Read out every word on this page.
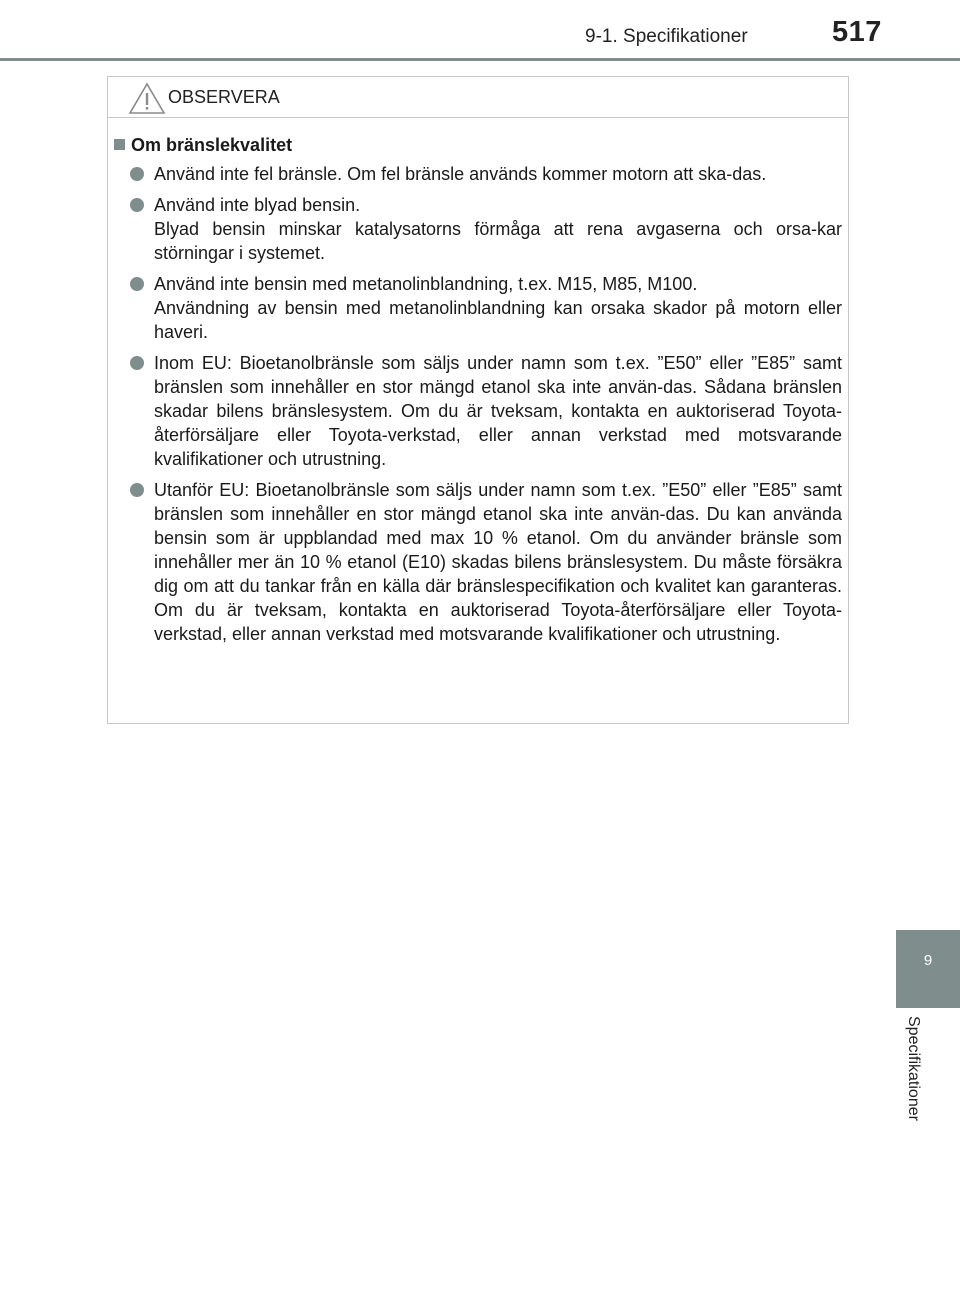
9-1. Specifikationer	517
9
Specifikationer
OBSERVERA
Om bränslekvalitet

Använd inte fel bränsle. Om fel bränsle används kommer motorn att ska-das.

Använd inte blyad bensin.

Blyad bensin minskar katalysatorns förmåga att rena avgaserna och orsa-kar störningar i systemet.

Använd inte bensin med metanolinblandning, t.ex. M15, M85, M100.

Användning av bensin med metanolinblandning kan orsaka skador på motorn eller haveri.

Inom EU: Bioetanolbränsle som säljs under namn som t.ex. ”E50” eller ”E85” samt bränslen som innehåller en stor mängd etanol ska inte använ-das. Sådana bränslen skadar bilens bränslesystem. Om du är tveksam, kontakta en auktoriserad Toyota-återförsäljare eller Toyota-verkstad, eller annan verkstad med motsvarande kvalifikationer och utrustning.

Utanför EU: Bioetanolbränsle som säljs under namn som t.ex. ”E50” eller ”E85” samt bränslen som innehåller en stor mängd etanol ska inte använ-das. Du kan använda bensin som är uppblandad med max 10 % etanol. Om du använder bränsle som innehåller mer än 10 % etanol (E10) skadas bilens bränslesystem. Du måste försäkra dig om att du tankar från en källa där bränslespecifikation och kvalitet kan garanteras. Om du är tveksam, kontakta en auktoriserad Toyota-återförsäljare eller Toyota-verkstad, eller annan verkstad med motsvarande kvalifikationer och utrustning.
